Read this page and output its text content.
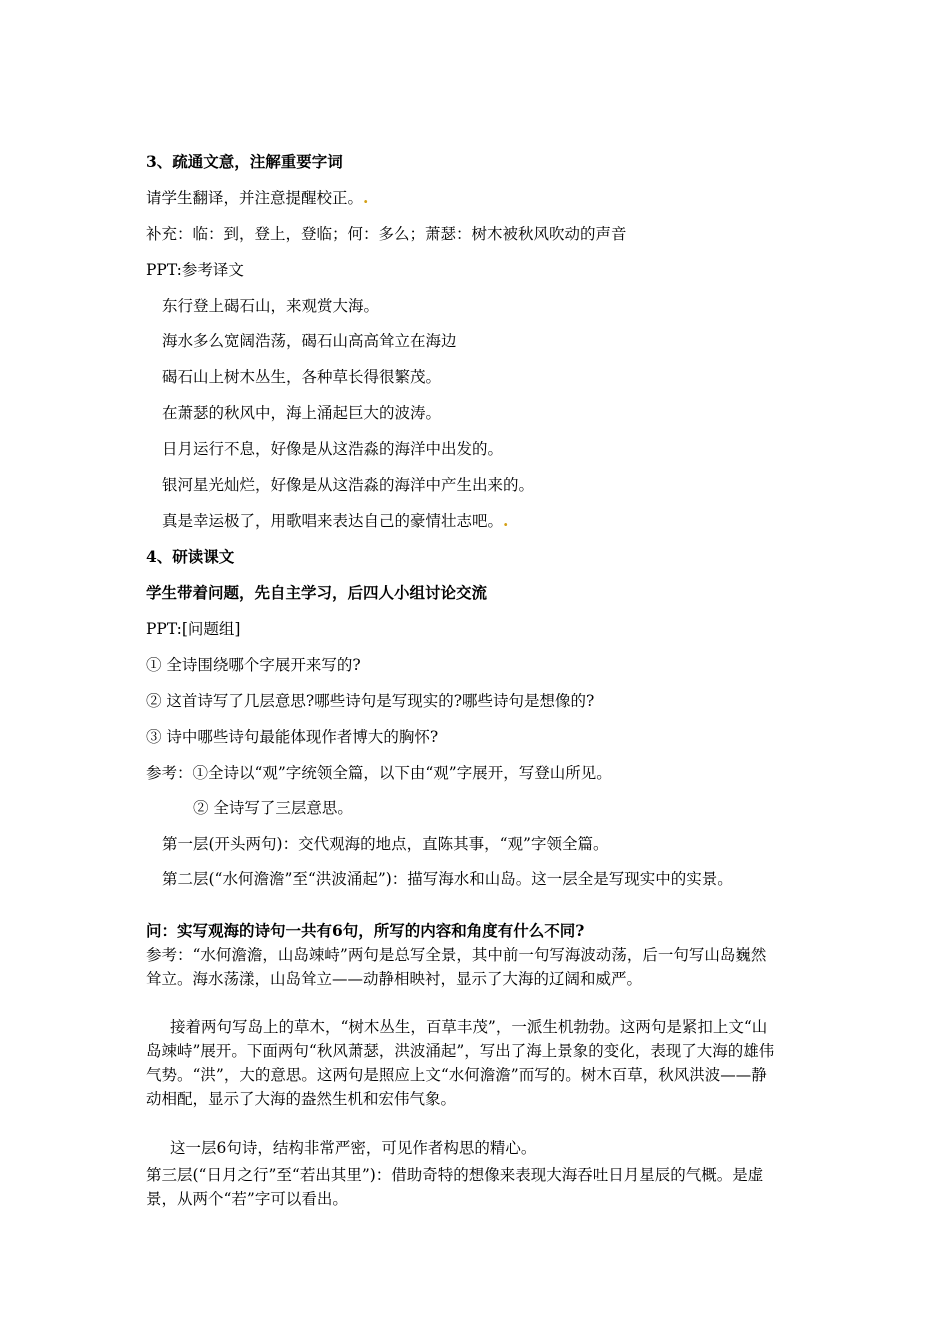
3、疏通文意，注解重要字词
请学生翻译，并注意提醒校正。.
补充：临：到，登上，登临；何：多么；萧瑟：树木被秋风吹动的声音
PPT:参考译文
东行登上碣石山，来观赏大海。
海水多么宽阔浩荡，碣石山高高耸立在海边
碣石山上树木丛生，各种草长得很繁茂。
在萧瑟的秋风中，海上涌起巨大的波涛。
日月运行不息，好像是从这浩淼的海洋中出发的。
银河星光灿烂，好像是从这浩淼的海洋中产生出来的。
真是幸运极了，用歌唱来表达自己的豪情壮志吧。.
4、研读课文
学生带着问题，先自主学习，后四人小组讨论交流
PPT:[问题组]
① 全诗围绕哪个字展开来写的?
② 这首诗写了几层意思?哪些诗句是写现实的?哪些诗句是想像的?
③ 诗中哪些诗句最能体现作者博大的胸怀?
参考：①全诗以“观”字统领全篇，以下由“观”字展开，写登山所见。
② 全诗写了三层意思。
第一层(开头两句)：交代观海的地点，直陈其事，“观”字领全篇。
第二层(“水何澹澹”至“洪波涌起”)：描写海水和山岛。这一层全是写现实中的实景。
问：实写观海的诗句一共有6句，所写的内容和角度有什么不同?
参考：“水何澹澹，山岛竦峙”两句是总写全景，其中前一句写海波动荡，后一句写山岛巍然耸立。海水荡漾，山岛耸立——动静相映衬，显示了大海的辽阔和威严。
接着两句写岛上的草木，“树木丛生，百草丰茂”，一派生机勃勃。这两句是紧扣上文“山岛竦峙”展开。下面两句“秋风萧瑟，洪波涌起”，写出了海上景象的变化，表现了大海的雄伟气势。“洪”，大的意思。这两句是照应上文“水何澹澹”而写的。树木百草，秋风洪波——静动相配，显示了大海的盎然生机和宏伟气象。
这一层6句诗，结构非常严密，可见作者构思的精心。
第三层(“日月之行”至“若出其里”)：借助奇特的想像来表现大海吞吐日月星辰的气概。是虚景，从两个“若”字可以看出。
